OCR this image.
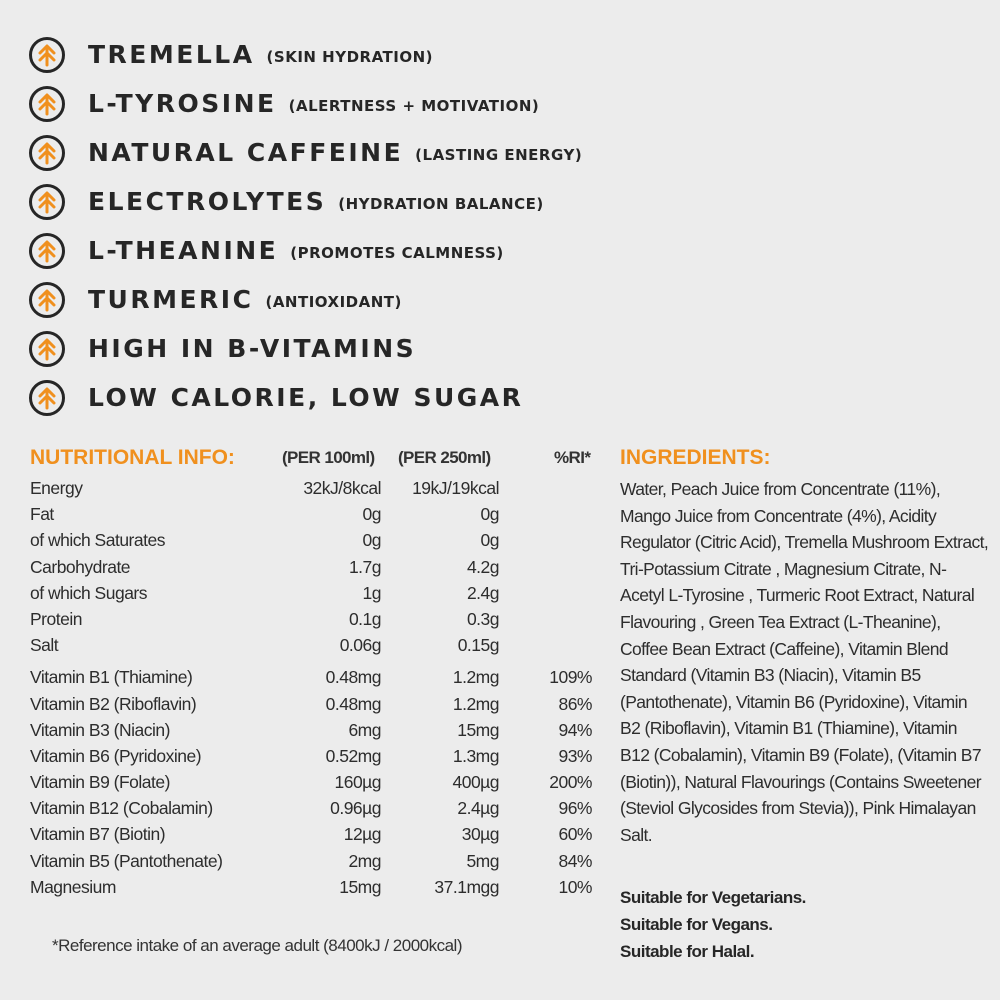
TREMELLA (SKIN HYDRATION)
L-TYROSINE (ALERTNESS + MOTIVATION)
NATURAL CAFFEINE (LASTING ENERGY)
ELECTROLYTES (HYDRATION BALANCE)
L-THEANINE (PROMOTES CALMNESS)
TURMERIC (ANTIOXIDANT)
HIGH IN B-VITAMINS
LOW CALORIE, LOW SUGAR
NUTRITIONAL INFO:	(PER 100ml) (PER 250ml)	%RI*
Energy	32kJ/8kcal 19kJ/19kcal
Fat	0g	0g
of which Saturates	0g	0g
Carbohydrate	1.7g	4.2g
of which Sugars	1g	2.4g
Protein	0.1g	0.3g
Salt	0.06g	0.15g
Vitamin B1 (Thiamine)	0.48mg	1.2mg	109%
Vitamin B2 (Riboflavin)	0.48mg	1.2mg	86%
Vitamin B3 (Niacin)	6mg	15mg	94%
Vitamin B6 (Pyridoxine)	0.52mg	1.3mg	93%
Vitamin B9 (Folate)	160µg	400µg	200%
Vitamin B12 (Cobalamin)	0.96µg	2.4µg	96%
Vitamin B7 (Biotin)	12µg	30µg	60%
Vitamin B5 (Pantothenate)	2mg	5mg	84%
Magnesium	15mg	37.1mgg	10%
*Reference intake of an average adult (8400kJ / 2000kcal)
INGREDIENTS:

Water, Peach Juice from Concentrate (11%), Mango Juice from Concentrate (4%), Acidity Regulator (Citric Acid), Tremella Mushroom Extract, Tri-Potassium Citrate , Magnesium Citrate, N-Acetyl L-Tyrosine , Turmeric Root Extract, Natural Flavouring , Green Tea Extract (L-Theanine), Coffee Bean Extract (Caffeine), Vitamin Blend Standard (Vitamin B3 (Niacin), Vitamin B5 (Pantothenate), Vitamin B6 (Pyridoxine), Vitamin B2 (Riboflavin), Vitamin B1 (Thiamine), Vitamin B12 (Cobalamin), Vitamin B9 (Folate), (Vitamin B7 (Biotin)), Natural Flavourings (Contains Sweetener (Steviol Glycosides from Stevia)), Pink Himalayan Salt.

Suitable for Vegetarians.
Suitable for Vegans.
Suitable for Halal.
